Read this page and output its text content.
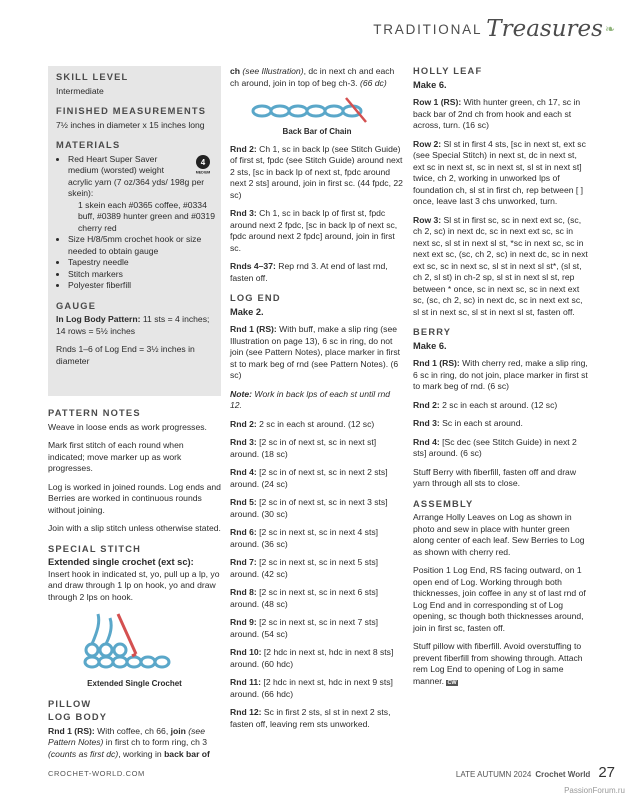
TRADITIONAL Treasures ❧
SKILL LEVEL
Intermediate
FINISHED MEASUREMENTS
7½ inches in diameter x 15 inches long
MATERIALS
• 4
MEDIUM
Red Heart Super Saver medium (worsted) weight acrylic yarn (7 oz/364 yds/ 198g per skein):
1 skein each #0365 coffee, #0334 buff, #0389 hunter green and #0319 cherry red
• Size H/8/5mm crochet hook or size needed to obtain gauge
• Tapestry needle
• Stitch markers
• Polyester fiberfill
GAUGE

In Log Body Pattern: 11 sts = 4 inches; 14 rows = 5½ inches

Rnds 1–6 of Log End = 3½ inches in diameter

PATTERN NOTES

Weave in loose ends as work progresses.

Mark first stitch of each round when indicated; move marker up as work progresses.

Log is worked in joined rounds. Log ends and Berries are worked in continuous rounds without joining.

Join with a slip stitch unless otherwise stated.

SPECIAL STITCH
Extended single crochet (ext sc):

Insert hook in indicated st, yo, pull up a lp, yo and draw through 1 lp on hook, yo and draw through 2 lps on hook.

Extended Single Crochet
PILLOW
LOG BODY

Rnd 1 (RS): With coffee, ch 66, join (see Pattern Notes) in first ch to form ring, ch 3 (counts as first dc), working in back bar of

ch (see Illustration), dc in next ch and each ch around, join in top of beg ch-3. (66 dc)

Back Bar of Chain

Rnd 2: Ch 1, sc in back lp (see Stitch Guide) of first st, fpdc (see Stitch Guide) around next 2 sts, [sc in back lp of next st, fpdc around next 2 sts] around, join in first sc. (44 fpdc, 22 sc)

Rnd 3: Ch 1, sc in back lp of first st, fpdc around next 2 fpdc, [sc in back lp of next sc, fpdc around next 2 fpdc] around, join in first sc.

Rnds 4–37: Rep rnd 3. At end of last rnd, fasten off.

LOG END
Make 2.

Rnd 1 (RS): With buff, make a slip ring (see Illustration on page 13), 6 sc in ring, do not join (see Pattern Notes), place marker in first st to mark beg of rnd (see Pattern Notes). (6 sc)

Note: Work in back lps of each st until rnd 12.

Rnd 2: 2 sc in each st around. (12 sc)

Rnd 3: [2 sc in of next st, sc in next st] around. (18 sc)

Rnd 4: [2 sc in of next st, sc in next 2 sts] around. (24 sc)

Rnd 5: [2 sc in of next st, sc in next 3 sts] around. (30 sc)

Rnd 6: [2 sc in next st, sc in next 4 sts] around. (36 sc)

Rnd 7: [2 sc in next st, sc in next 5 sts] around. (42 sc)

Rnd 8: [2 sc in next st, sc in next 6 sts] around. (48 sc)

Rnd 9: [2 sc in next st, sc in next 7 sts] around. (54 sc)

Rnd 10: [2 hdc in next st, hdc in next 8 sts] around. (60 hdc)

Rnd 11: [2 hdc in next st, hdc in next 9 sts] around. (66 hdc)

Rnd 12: Sc in first 2 sts, sl st in next 2 sts, fasten off, leaving rem sts unworked.

HOLLY LEAF
Make 6.

Row 1 (RS): With hunter green, ch 17, sc in back bar of 2nd ch from hook and each st across, turn. (16 sc)

Row 2: Sl st in first 4 sts, [sc in next st, ext sc (see Special Stitch) in next st, dc in next st, ext sc in next st, sc in next st, sl st in next st] twice, ch 2, working in unworked lps of foundation ch, sl st in first ch, rep between [ ] once, leave last 3 chs unworked, turn.

Row 3: Sl st in first sc, sc in next ext sc, (sc, ch 2, sc) in next dc, sc in next ext sc, sc in next sc, sl st in next sl st, *sc in next sc, sc in next ext sc, (sc, ch 2, sc) in next dc, sc in next ext sc, sc in next sc, sl st in next sl st*, (sl st, ch 2, sl st) in ch-2 sp, sl st in next sl st, rep between * once, sc in next sc, sc in next ext sc, (sc, ch 2, sc) in next dc, sc in next ext sc, sl st in next sc, sl st in next sl st, fasten off.

BERRY
Make 6.

Rnd 1 (RS): With cherry red, make a slip ring, 6 sc in ring, do not join, place marker in first st to mark beg of rnd. (6 sc)

Rnd 2: 2 sc in each st around. (12 sc)

Rnd 3: Sc in each st around.

Rnd 4: [Sc dec (see Stitch Guide) in next 2 sts] around. (6 sc)

Stuff Berry with fiberfill, fasten off and draw yarn through all sts to close.

ASSEMBLY

Arrange Holly Leaves on Log as shown in photo and sew in place with hunter green along center of each leaf. Sew Berries to Log as shown with cherry red.

Position 1 Log End, RS facing outward, on 1 open end of Log. Working through both thicknesses, join coffee in any st of last rnd of Log End and in corresponding st of Log opening, sc though both thicknesses around, join in first sc, fasten off.

Stuff pillow with fiberfill. Avoid overstuffing to prevent fiberfill from showing through. Attach rem Log End to opening of Log in same manner. CW

CROCHET-WORLD.COM	LATE AUTUMN 2024 Crochet World 27
PassionForum.ru
